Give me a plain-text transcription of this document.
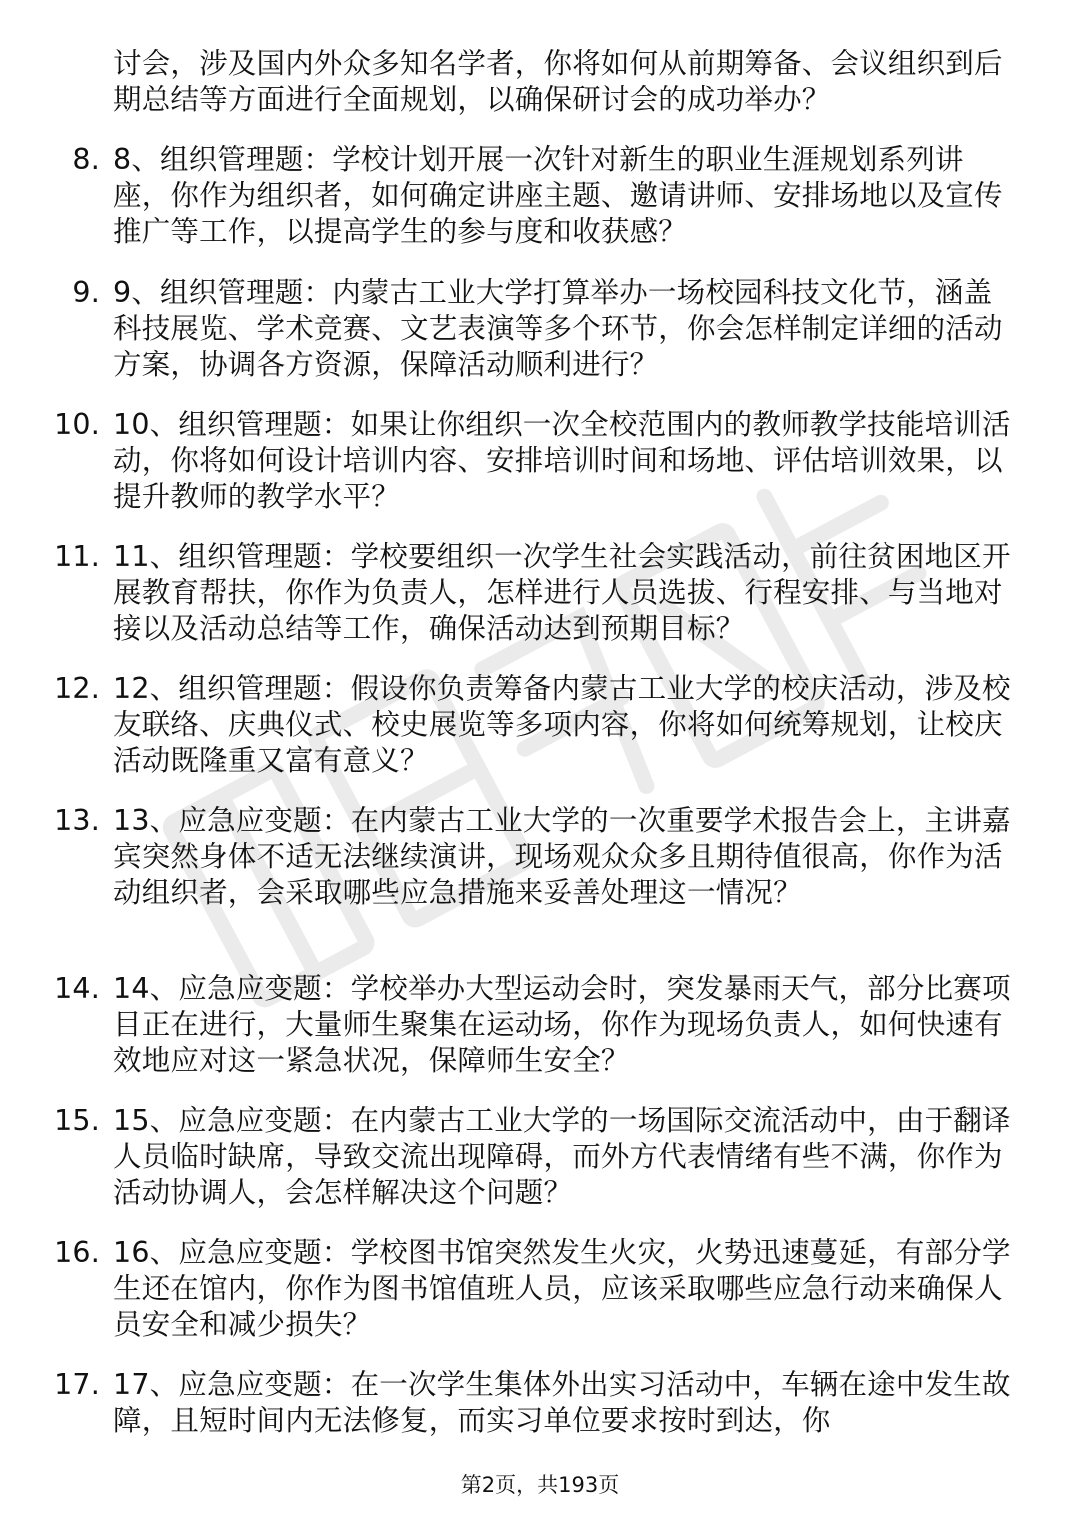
讨会，涉及国内外众多知名学者，你将如何从前期筹备、会议组织到后期总结等方面进行全面规划，以确保研讨会的成功举办？
8. 8、组织管理题：学校计划开展一次针对新生的职业生涯规划系列讲座，你作为组织者，如何确定讲座主题、邀请讲师、安排场地以及宣传推广等工作，以提高学生的参与度和收获感？
9. 9、组织管理题：内蒙古工业大学打算举办一场校园科技文化节，涵盖科技展览、学术竞赛、文艺表演等多个环节，你会怎样制定详细的活动方案，协调各方资源，保障活动顺利进行？
10. 10、组织管理题：如果让你组织一次全校范围内的教师教学技能培训活动，你将如何设计培训内容、安排培训时间和场地、评估培训效果，以提升教师的教学水平？
11. 11、组织管理题：学校要组织一次学生社会实践活动，前往贫困地区开展教育帮扶，你作为负责人，怎样进行人员选拔、行程安排、与当地对接以及活动总结等工作，确保活动达到预期目标？
12. 12、组织管理题：假设你负责筹备内蒙古工业大学的校庆活动，涉及校友联络、庆典仪式、校史展览等多项内容，你将如何统筹规划，让校庆活动既隆重又富有意义？
13. 13、应急应变题：在内蒙古工业大学的一次重要学术报告会上，主讲嘉宾突然身体不适无法继续演讲，现场观众众多且期待值很高，你作为活动组织者，会采取哪些应急措施来妥善处理这一情况？
14. 14、应急应变题：学校举办大型运动会时，突发暴雨天气，部分比赛项目正在进行，大量师生聚集在运动场，你作为现场负责人，如何快速有效地应对这一紧急状况，保障师生安全？
15. 15、应急应变题：在内蒙古工业大学的一场国际交流活动中，由于翻译人员临时缺席，导致交流出现障碍，而外方代表情绪有些不满，你作为活动协调人，会怎样解决这个问题？
16. 16、应急应变题：学校图书馆突然发生火灾，火势迅速蔓延，有部分学生还在馆内，你作为图书馆值班人员，应该采取哪些应急行动来确保人员安全和减少损失？
17. 17、应急应变题：在一次学生集体外出实习活动中，车辆在途中发生故障，且短时间内无法修复，而实习单位要求按时到达，你
第2页，共193页
